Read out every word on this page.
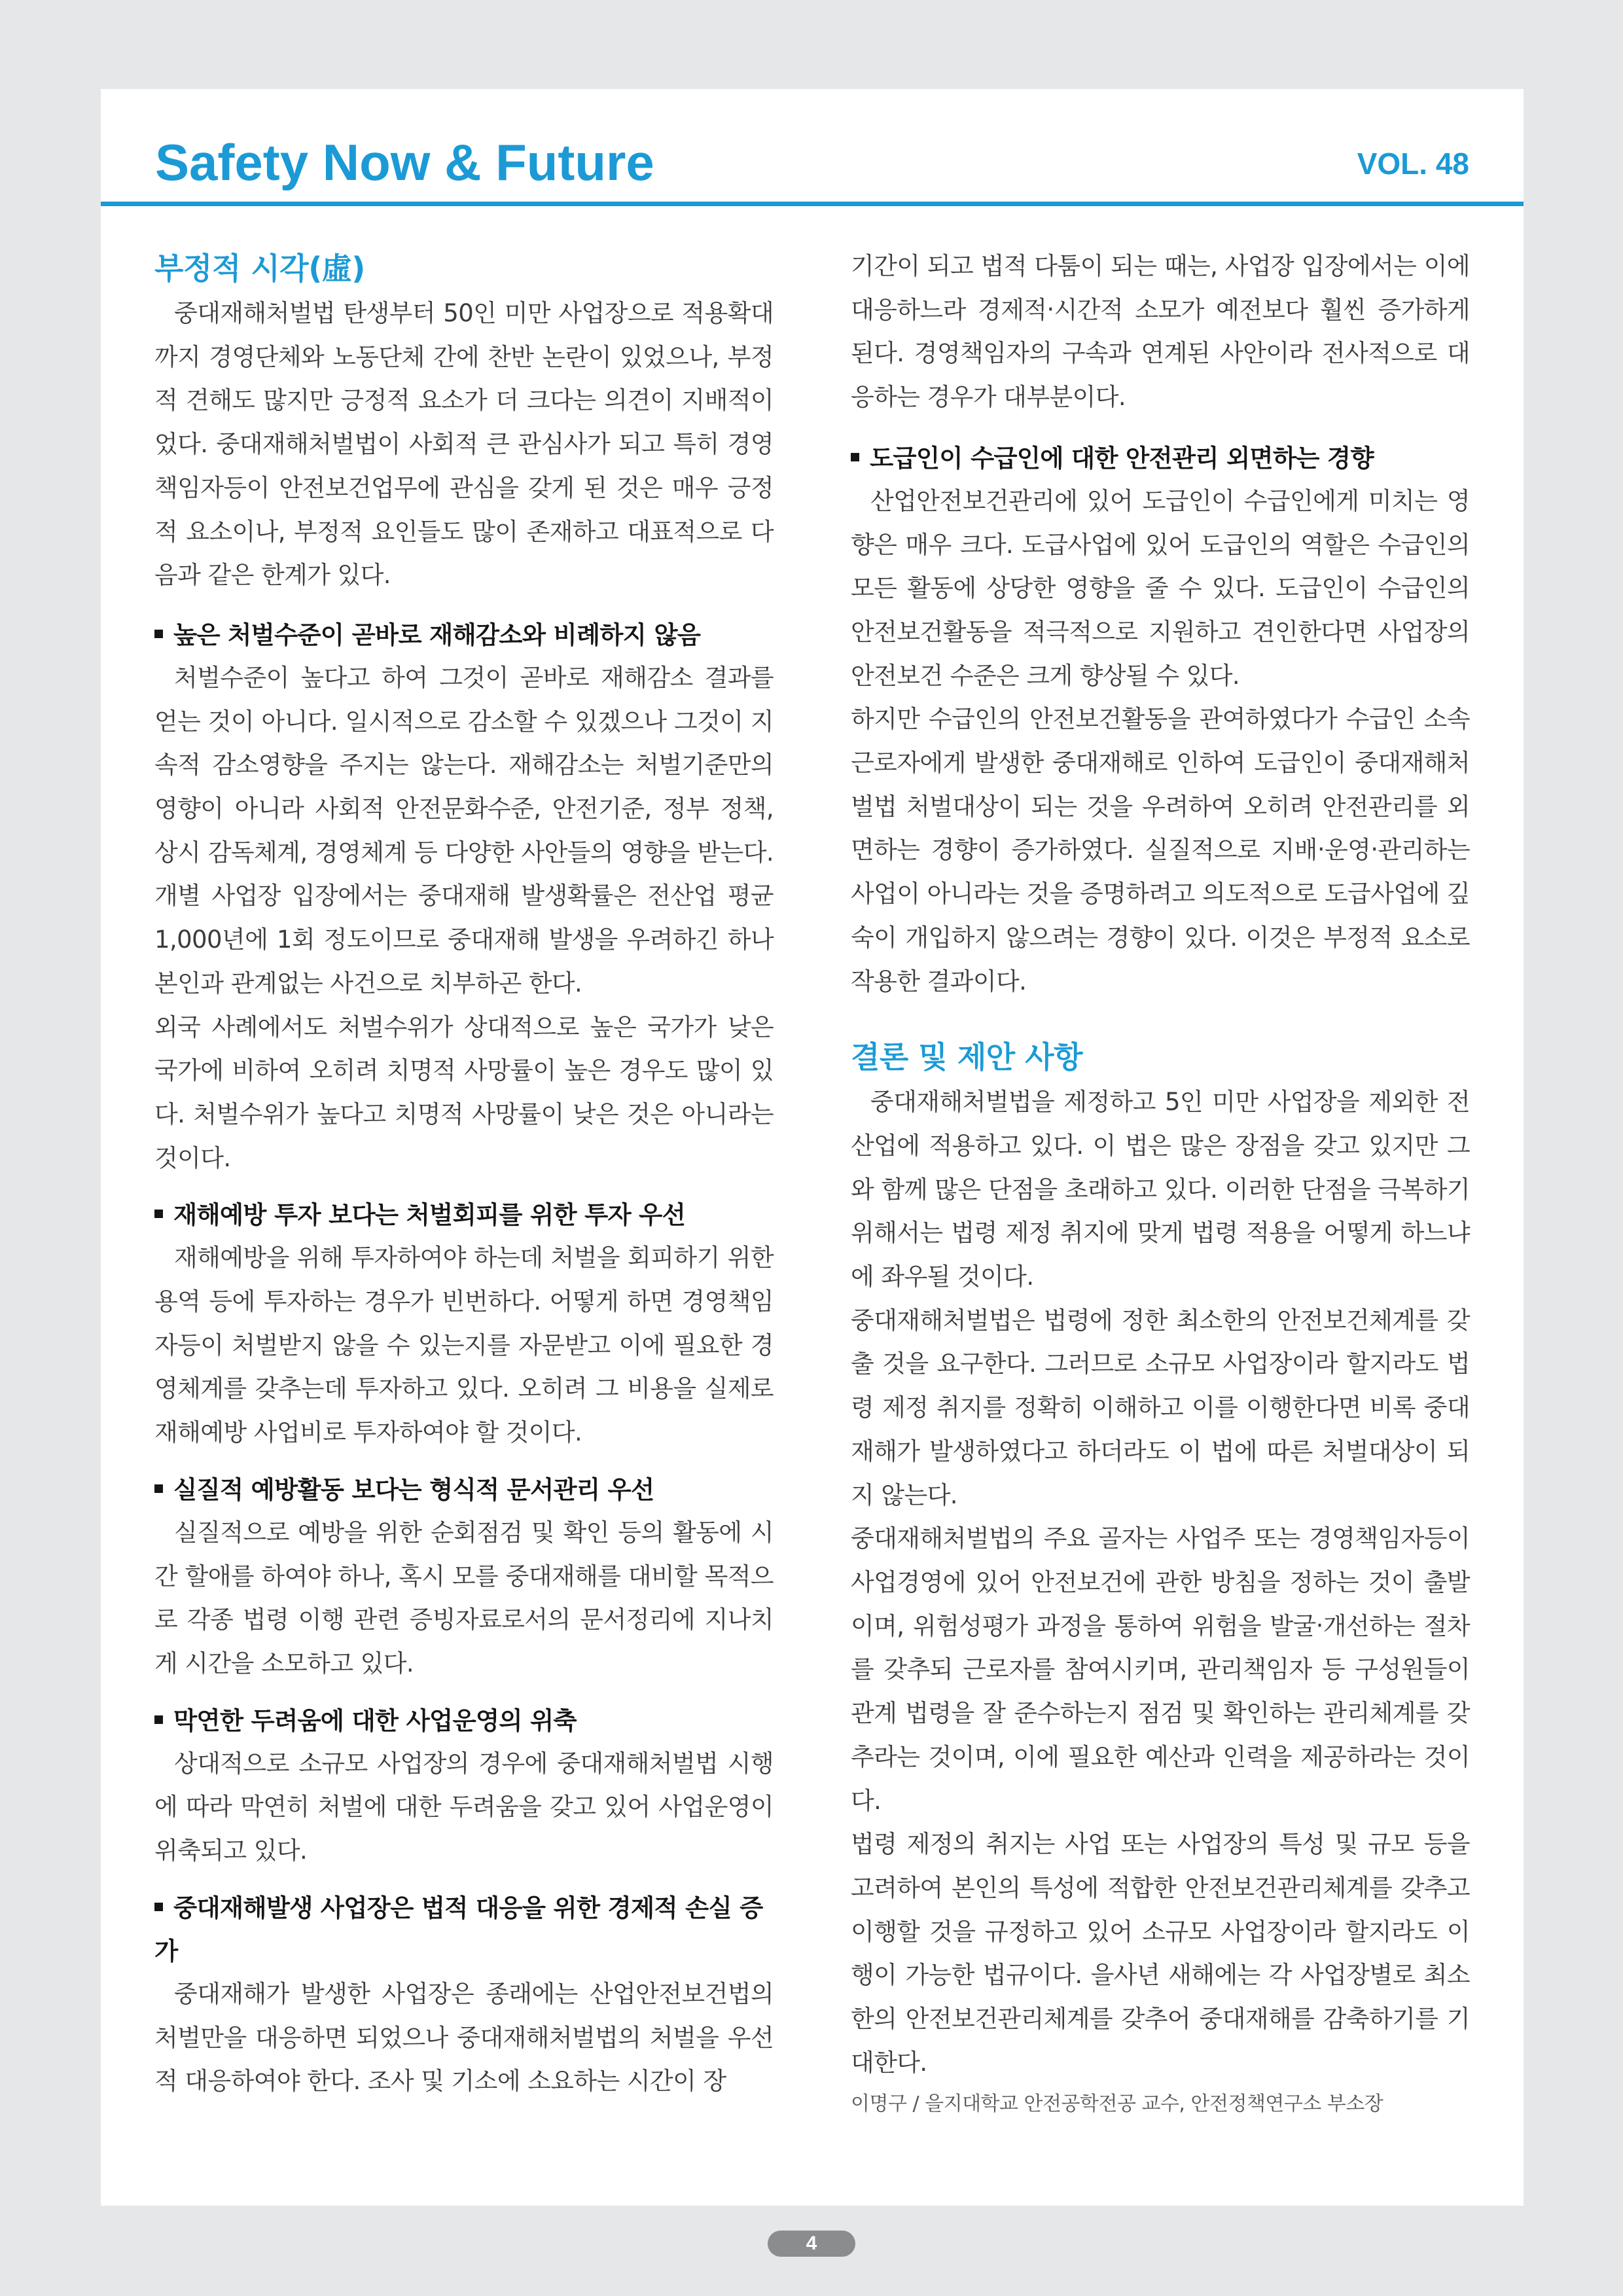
Safety Now & Future	VOL. 48
부정적 시각(虛)

중대재해처벌법 탄생부터 50인 미만 사업장으로 적용확대까지 경영단체와 노동단체 간에 찬반 논란이 있었으나, 부정적 견해도 많지만 긍정적 요소가 더 크다는 의견이 지배적이었다. 중대재해처벌법이 사회적 큰 관심사가 되고 특히 경영책임자등이 안전보건업무에 관심을 갖게 된 것은 매우 긍정적 요소이나, 부정적 요인들도 많이 존재하고 대표적으로 다음과 같은 한계가 있다.

높은 처벌수준이 곧바로 재해감소와 비례하지 않음

처벌수준이 높다고 하여 그것이 곧바로 재해감소 결과를 얻는 것이 아니다. 일시적으로 감소할 수 있겠으나 그것이 지속적 감소영향을 주지는 않는다. 재해감소는 처벌기준만의 영향이 아니라 사회적 안전문화수준, 안전기준, 정부 정책, 상시 감독체계, 경영체계 등 다양한 사안들의 영향을 받는다. 개별 사업장 입장에서는 중대재해 발생확률은 전산업 평균 1,000년에 1회 정도이므로 중대재해 발생을 우려하긴 하나 본인과 관계없는 사건으로 치부하곤 한다.

외국 사례에서도 처벌수위가 상대적으로 높은 국가가 낮은 국가에 비하여 오히려 치명적 사망률이 높은 경우도 많이 있다. 처벌수위가 높다고 치명적 사망률이 낮은 것은 아니라는 것이다.

재해예방 투자 보다는 처벌회피를 위한 투자 우선

재해예방을 위해 투자하여야 하는데 처벌을 회피하기 위한 용역 등에 투자하는 경우가 빈번하다. 어떻게 하면 경영책임자등이 처벌받지 않을 수 있는지를 자문받고 이에 필요한 경영체계를 갖추는데 투자하고 있다. 오히려 그 비용을 실제로 재해예방 사업비로 투자하여야 할 것이다.

실질적 예방활동 보다는 형식적 문서관리 우선

실질적으로 예방을 위한 순회점검 및 확인 등의 활동에 시간 할애를 하여야 하나, 혹시 모를 중대재해를 대비할 목적으로 각종 법령 이행 관련 증빙자료로서의 문서정리에 지나치게 시간을 소모하고 있다.

막연한 두려움에 대한 사업운영의 위축

상대적으로 소규모 사업장의 경우에 중대재해처벌법 시행에 따라 막연히 처벌에 대한 두려움을 갖고 있어 사업운영이 위축되고 있다.

중대재해발생 사업장은 법적 대응을 위한 경제적 손실 증가

중대재해가 발생한 사업장은 종래에는 산업안전보건법의 처벌만을 대응하면 되었으나 중대재해처벌법의 처벌을 우선적 대응하여야 한다. 조사 및 기소에 소요하는 시간이 장

기간이 되고 법적 다툼이 되는 때는, 사업장 입장에서는 이에 대응하느라 경제적‧시간적 소모가 예전보다 훨씬 증가하게 된다. 경영책임자의 구속과 연계된 사안이라 전사적으로 대응하는 경우가 대부분이다.

도급인이 수급인에 대한 안전관리 외면하는 경향

산업안전보건관리에 있어 도급인이 수급인에게 미치는 영향은 매우 크다. 도급사업에 있어 도급인의 역할은 수급인의 모든 활동에 상당한 영향을 줄 수 있다. 도급인이 수급인의 안전보건활동을 적극적으로 지원하고 견인한다면 사업장의 안전보건 수준은 크게 향상될 수 있다.

하지만 수급인의 안전보건활동을 관여하였다가 수급인 소속 근로자에게 발생한 중대재해로 인하여 도급인이 중대재해처벌법 처벌대상이 되는 것을 우려하여 오히려 안전관리를 외면하는 경향이 증가하였다. 실질적으로 지배‧운영‧관리하는 사업이 아니라는 것을 증명하려고 의도적으로 도급사업에 깊숙이 개입하지 않으려는 경향이 있다. 이것은 부정적 요소로 작용한 결과이다.

결론 및 제안 사항

중대재해처벌법을 제정하고 5인 미만 사업장을 제외한 전산업에 적용하고 있다. 이 법은 많은 장점을 갖고 있지만 그와 함께 많은 단점을 초래하고 있다. 이러한 단점을 극복하기 위해서는 법령 제정 취지에 맞게 법령 적용을 어떻게 하느냐에 좌우될 것이다.

중대재해처벌법은 법령에 정한 최소한의 안전보건체계를 갖출 것을 요구한다. 그러므로 소규모 사업장이라 할지라도 법령 제정 취지를 정확히 이해하고 이를 이행한다면 비록 중대재해가 발생하였다고 하더라도 이 법에 따른 처벌대상이 되지 않는다.

중대재해처벌법의 주요 골자는 사업주 또는 경영책임자등이 사업경영에 있어 안전보건에 관한 방침을 정하는 것이 출발이며, 위험성평가 과정을 통하여 위험을 발굴‧개선하는 절차를 갖추되 근로자를 참여시키며, 관리책임자 등 구성원들이 관계 법령을 잘 준수하는지 점검 및 확인하는 관리체계를 갖추라는 것이며, 이에 필요한 예산과 인력을 제공하라는 것이다.

법령 제정의 취지는 사업 또는 사업장의 특성 및 규모 등을 고려하여 본인의 특성에 적합한 안전보건관리체계를 갖추고 이행할 것을 규정하고 있어 소규모 사업장이라 할지라도 이행이 가능한 법규이다. 을사년 새해에는 각 사업장별로 최소한의 안전보건관리체계를 갖추어 중대재해를 감축하기를 기대한다.

이명구 / 을지대학교 안전공학전공 교수, 안전정책연구소 부소장

4
